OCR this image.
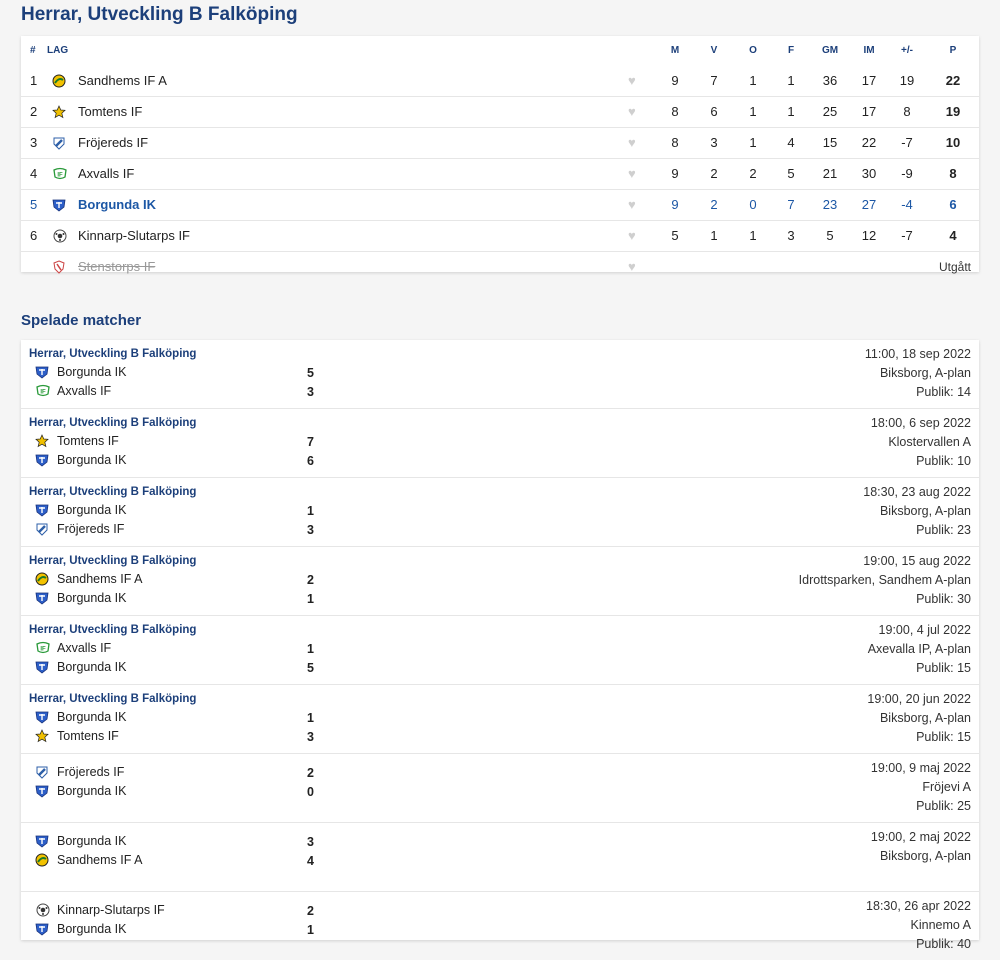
Herrar, Utveckling B Falköping
# LAG	M	V	O	F	GM	IM	+/-	P
1	Sandhems IF A	♥	9	7	1	1	36	17	19	22
2	Tomtens IF	♥	8	6	1	1	25	17	8	19
3	Fröjereds IF	♥	8	3	1	4	15	22	-7	10
4	IF Axvalls IF	♥	9	2	2	5	21	30	-9	8
5	Borgunda IK	♥	9	2	0	7	23	27	-4	6
6	Kinnarp-Slutarps IF	♥	5	1	1	3	5	12	-7	4
Stenstorps IF	♥	Utgått
Spelade matcher
Herrar, Utveckling B Falköping
Borgunda IK	5
IF Axvalls IF	3
11:00, 18 sep 2022
Biksborg, A-plan
Publik: 14
Herrar, Utveckling B Falköping
Tomtens IF	7
Borgunda IK	6
18:00, 6 sep 2022
Klostervallen A
Publik: 10
Herrar, Utveckling B Falköping
Borgunda IK	1
Fröjereds IF	3
18:30, 23 aug 2022
Biksborg, A-plan
Publik: 23
Herrar, Utveckling B Falköping
Sandhems IF A	2
Borgunda IK	1
19:00, 15 aug 2022
Idrottsparken, Sandhem A-plan
Publik: 30
Herrar, Utveckling B Falköping
IF Axvalls IF	1
Borgunda IK	5
19:00, 4 jul 2022
Axevalla IP, A-plan
Publik: 15
Herrar, Utveckling B Falköping
Borgunda IK	1
Tomtens IF	3
19:00, 20 jun 2022
Biksborg, A-plan
Publik: 15
Fröjereds IF	2
Borgunda IK	0
19:00, 9 maj 2022
Fröjevi A
Publik: 25
Borgunda IK	3
Sandhems IF A	4
19:00, 2 maj 2022
Biksborg, A-plan
Kinnarp-Slutarps IF	2
Borgunda IK	1
18:30, 26 apr 2022
Kinnemo A
Publik: 40
